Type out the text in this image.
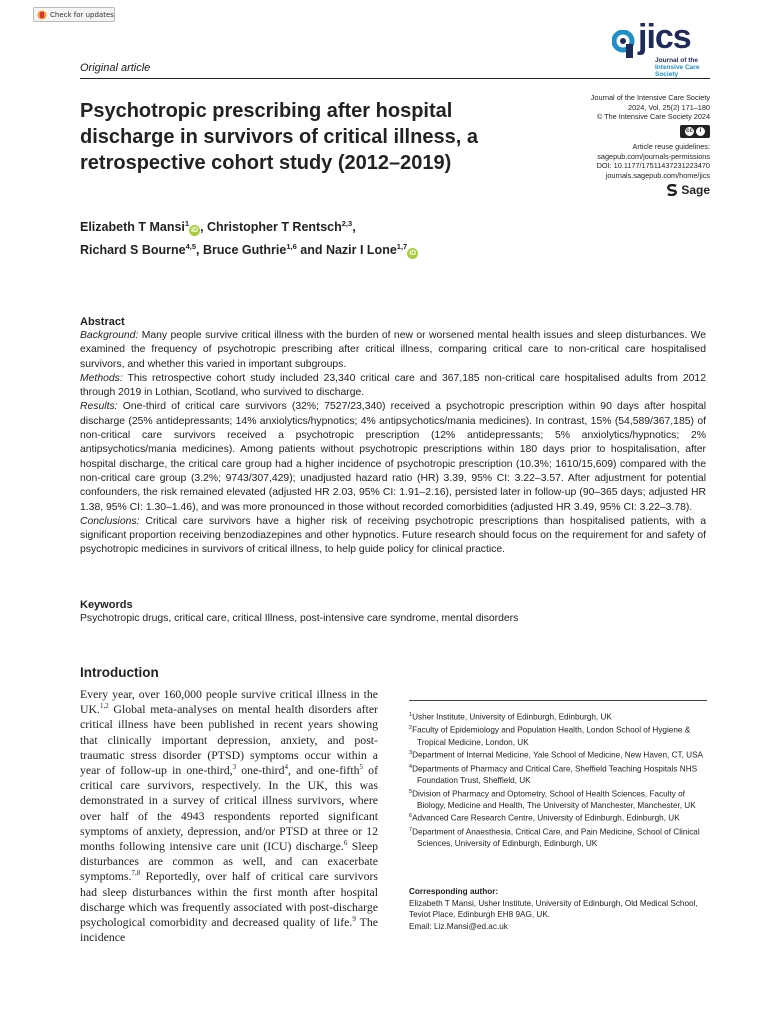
Check for updates
Original article
jics
Journal of the
Intensive Care
Society
Psychotropic prescribing after hospital discharge in survivors of critical illness, a retrospective cohort study (2012–2019)
Journal of the Intensive Care Society
2024, Vol. 25(2) 171–180
© The Intensive Care Society 2024
cc	i
Article reuse guidelines:
sagepub.com/journals-permissions
DOI: 10.1177/17511437231223470
journals.sagepub.com/home/jics
Sage
Elizabeth T Mansi$^1$iD , Christopher T Rentsch$^{2,3}$,
Richard S Bourne$^{4,5}$, Bruce Guthrie$^{1,6}$ and Nazir I Lone$^{1,7}$iD
Abstract

Background: Many people survive critical illness with the burden of new or worsened mental health issues and sleep disturbances. We examined the frequency of psychotropic prescribing after critical illness, comparing critical care to non-critical care hospitalised survivors, and whether this varied in important subgroups.

Methods: This retrospective cohort study included 23,340 critical care and 367,185 non-critical care hospitalised adults from 2012 through 2019 in Lothian, Scotland, who survived to discharge.

Results: One-third of critical care survivors (32%; 7527/23,340) received a psychotropic prescription within 90 days after hospital discharge (25% antidepressants; 14% anxiolytics/hypnotics; 4% antipsychotics/mania medicines). In contrast, 15% (54,589/367,185) of non-critical care survivors received a psychotropic prescription (12% antidepressants; 5% anxiolytics/hypnotics; 2% antipsychotics/mania medicines). Among patients without psychotropic prescriptions within 180 days prior to hospitalisation, after hospital discharge, the critical care group had a higher incidence of psychotropic prescription (10.3%; 1610/15,609) compared with the non-critical care group (3.2%; 9743/307,429); unadjusted hazard ratio (HR) 3.39, 95% CI: 3.22–3.57. After adjustment for potential confounders, the risk remained elevated (adjusted HR 2.03, 95% CI: 1.91–2.16), persisted later in follow-up (90–365 days; adjusted HR 1.38, 95% CI: 1.30–1.46), and was more pronounced in those without recorded comorbidities (adjusted HR 3.49, 95% CI: 3.22–3.78).

Conclusions: Critical care survivors have a higher risk of receiving psychotropic prescriptions than hospitalised patients, with a significant proportion receiving benzodiazepines and other hypnotics. Future research should focus on the requirement for and safety of psychotropic medicines in survivors of critical illness, to help guide policy for clinical practice.

Keywords

Psychotropic drugs, critical care, critical Illness, post-intensive care syndrome, mental disorders

Introduction
Every year, over 160,000 people survive critical illness in the UK.$^{1,2}$ Global meta-analyses on mental health disorders after critical illness have been published in recent years showing that clinically important depression, anxiety, and post-traumatic stress disorder (PTSD) symptoms occur within a year of follow-up in one-third,$^3$ one-third$^4$, and one-fifth$^5$ of critical care survivors, respectively. In the UK, this was demonstrated in a survey of critical illness survivors, where over half of the 4943 respondents reported significant symptoms of anxiety, depression, and/or PTSD at three or 12 months following intensive care unit (ICU) discharge.$^6$ Sleep disturbances are common as well, and can exacerbate symptoms.$^{7,8}$ Reportedly, over half of critical care survivors had sleep disturbances within the first month after hospital discharge which was frequently associated with post-discharge psychological comorbidity and decreased quality of life.$^9$ The incidence

$^1$Usher Institute, University of Edinburgh, Edinburgh, UK

$^2$Faculty of Epidemiology and Population Health, London School of Hygiene & Tropical Medicine, London, UK

$^3$Department of Internal Medicine, Yale School of Medicine, New Haven, CT, USA

$^4$Departments of Pharmacy and Critical Care, Sheffield Teaching Hospitals NHS Foundation Trust, Sheffield, UK

$^5$Division of Pharmacy and Optometry, School of Health Sciences, Faculty of Biology, Medicine and Health, The University of Manchester, Manchester, UK

$^6$Advanced Care Research Centre, University of Edinburgh, Edinburgh, UK

$^7$Department of Anaesthesia, Critical Care, and Pain Medicine, School of Clinical Sciences, University of Edinburgh, Edinburgh, UK

Corresponding author:
Elizabeth T Mansi, Usher Institute, University of Edinburgh, Old Medical School, Teviot Place, Edinburgh EH8 9AG, UK.
Email: Liz.Mansi@ed.ac.uk
